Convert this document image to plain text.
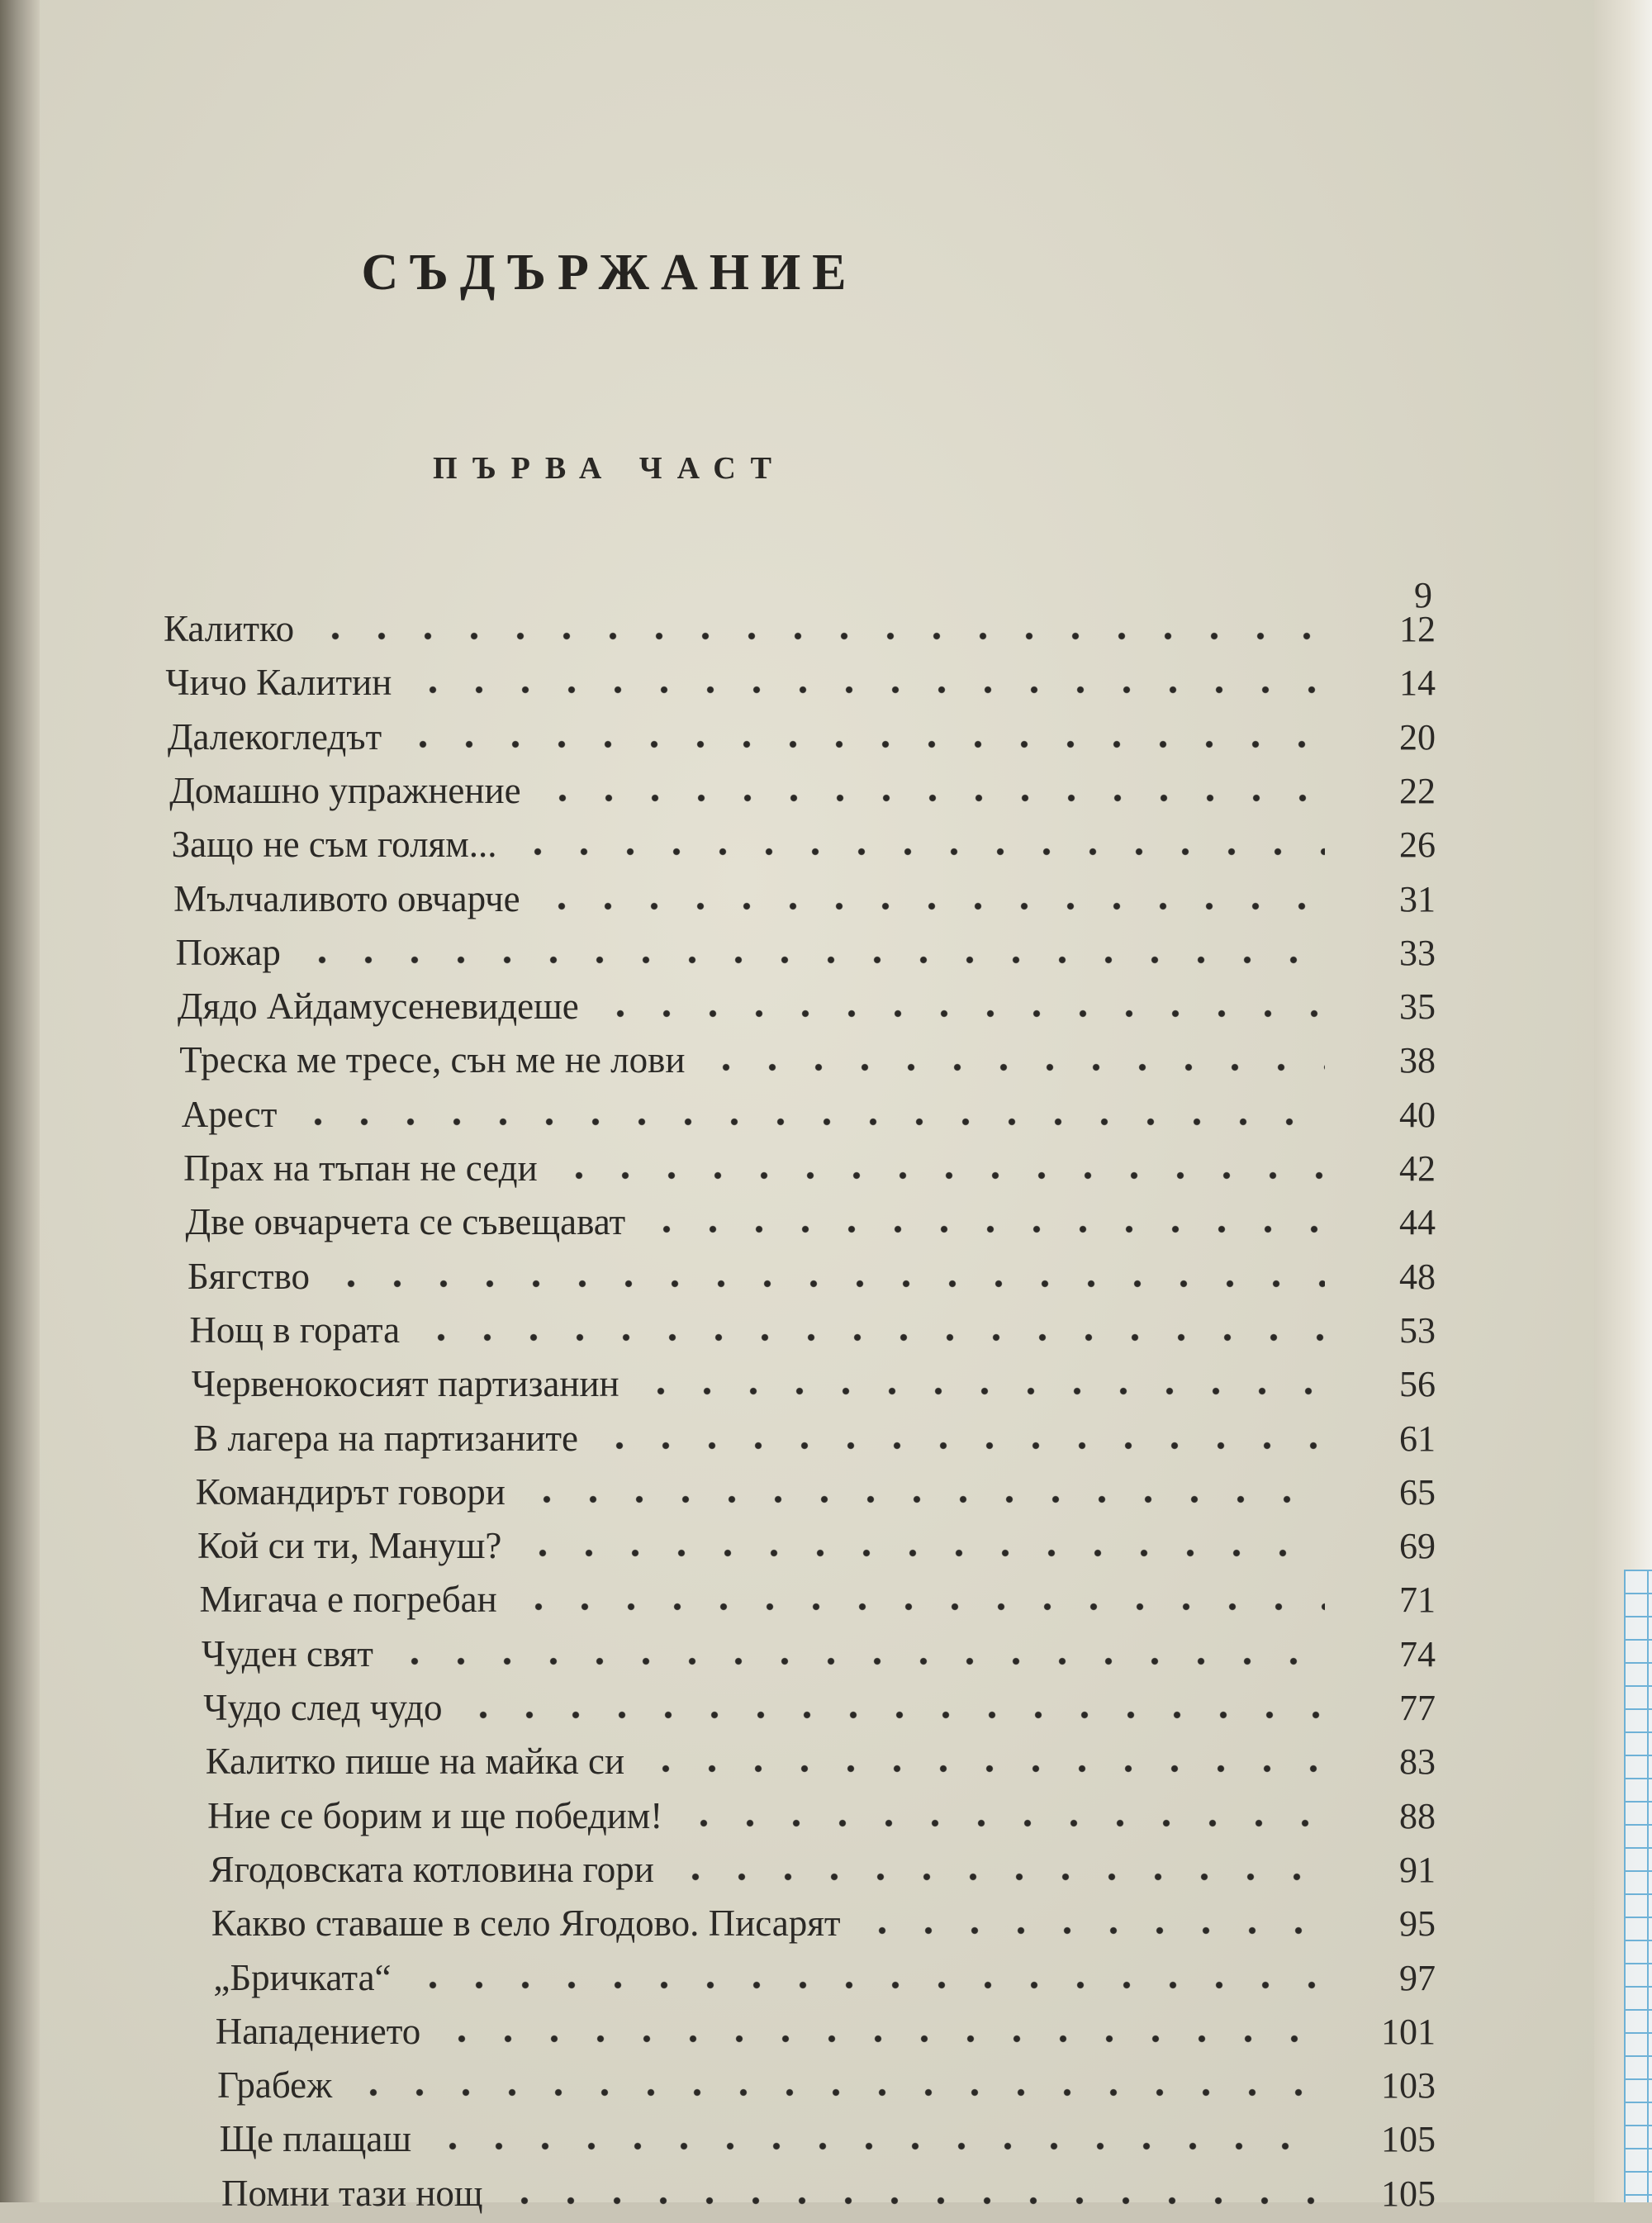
СЪДЪРЖАНИЕ
ПЪРВА ЧАСТ
9
Калитко	12
Чичо Калитин	14
Далекогледът	20
Домашно упражнение	22
Защо не съм голям...	26
Мълчаливото овчарче	31
Пожар	33
Дядо Айдамусеневидеше	35
Треска ме тресе, сън ме не лови	38
Арест	40
Прах на тъпан не седи	42
Две овчарчета се съвещават	44
Бягство	48
Нощ в гората	53
Червенокосият партизанин	56
В лагера на партизаните	61
Командирът говори	65
Кой си ти, Мануш?	69
Мигача е погребан	71
Чуден свят	74
Чудо след чудо	77
Калитко пише на майка си	83
Ние се борим и ще победим!	88
Ягодовската котловина гори	91
Какво ставаше в село Ягодово. Писарят	95
„Бричката“	97
Нападението	101
Грабеж	103
Ще плащаш	105
Помни тази нощ	105
